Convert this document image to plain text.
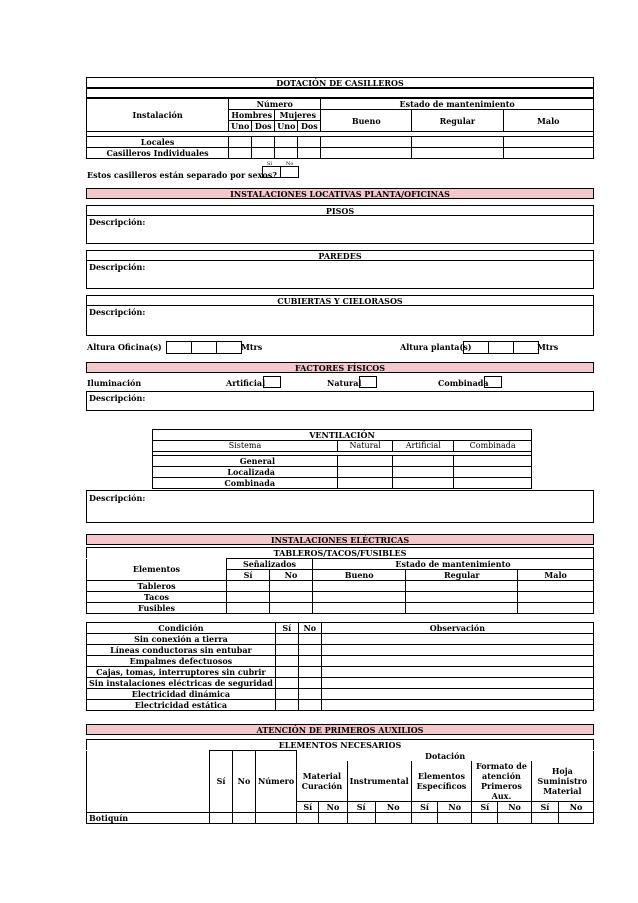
DOTACIÓN DE CASILLEROS
Instalación	Número				Estado de mantenimiento		
	Hombres		Mujeres		Bueno	Regular	Malo
	Uno	Dos	Uno	Dos			

Locales							
Casilleros Individuales							
Sí	No
Estos casilleros están separado por sexos?
INSTALACIONES LOCATIVAS PLANTA/OFICINAS
PISOS
Descripción:
PAREDES
Descripción:
CUBIERTAS Y CIELORASOS
Descripción:
Altura Oficina(s)	Mtrs	Altura planta(s)	Mtrs
FACTORES FÍSICOS
Iluminación	Artificial	Natural	Combinada
Descripción:
VENTILACIÓN
Sistema	Natural	Artificial	Combinada

General			
Localizada			
Combinada			
Descripción:
INSTALACIONES ELÉCTRICAS
TABLEROS/TACOS/FUSIBLES
Elementos	Señalizados		Estado de mantenimiento		
	Sí	No	Bueno	Regular	Malo
Tableros					
Tacos					
Fusibles					
Condición	Sí	No	Observación
Sin conexión a tierra			
Líneas conductoras sin entubar			
Empalmes defectuosos			
Cajas, tomas, interruptores sin cubrir			
Sin instalaciones eléctricas de seguridad			
Electricidad dinámica			
Electricidad estática			
ATENCIÓN DE PRIMEROS AUXILIOS
ELEMENTOS NECESARIOS
	Sí	No	Número	Dotación									
				Material Curación		Instrumental		Elementos Específicos		Formato de atención Primeros Aux.		Hoja Suministro Material	
				Sí	No	Sí	No	Sí	No	Sí	No	Sí	No
Botiquín													
